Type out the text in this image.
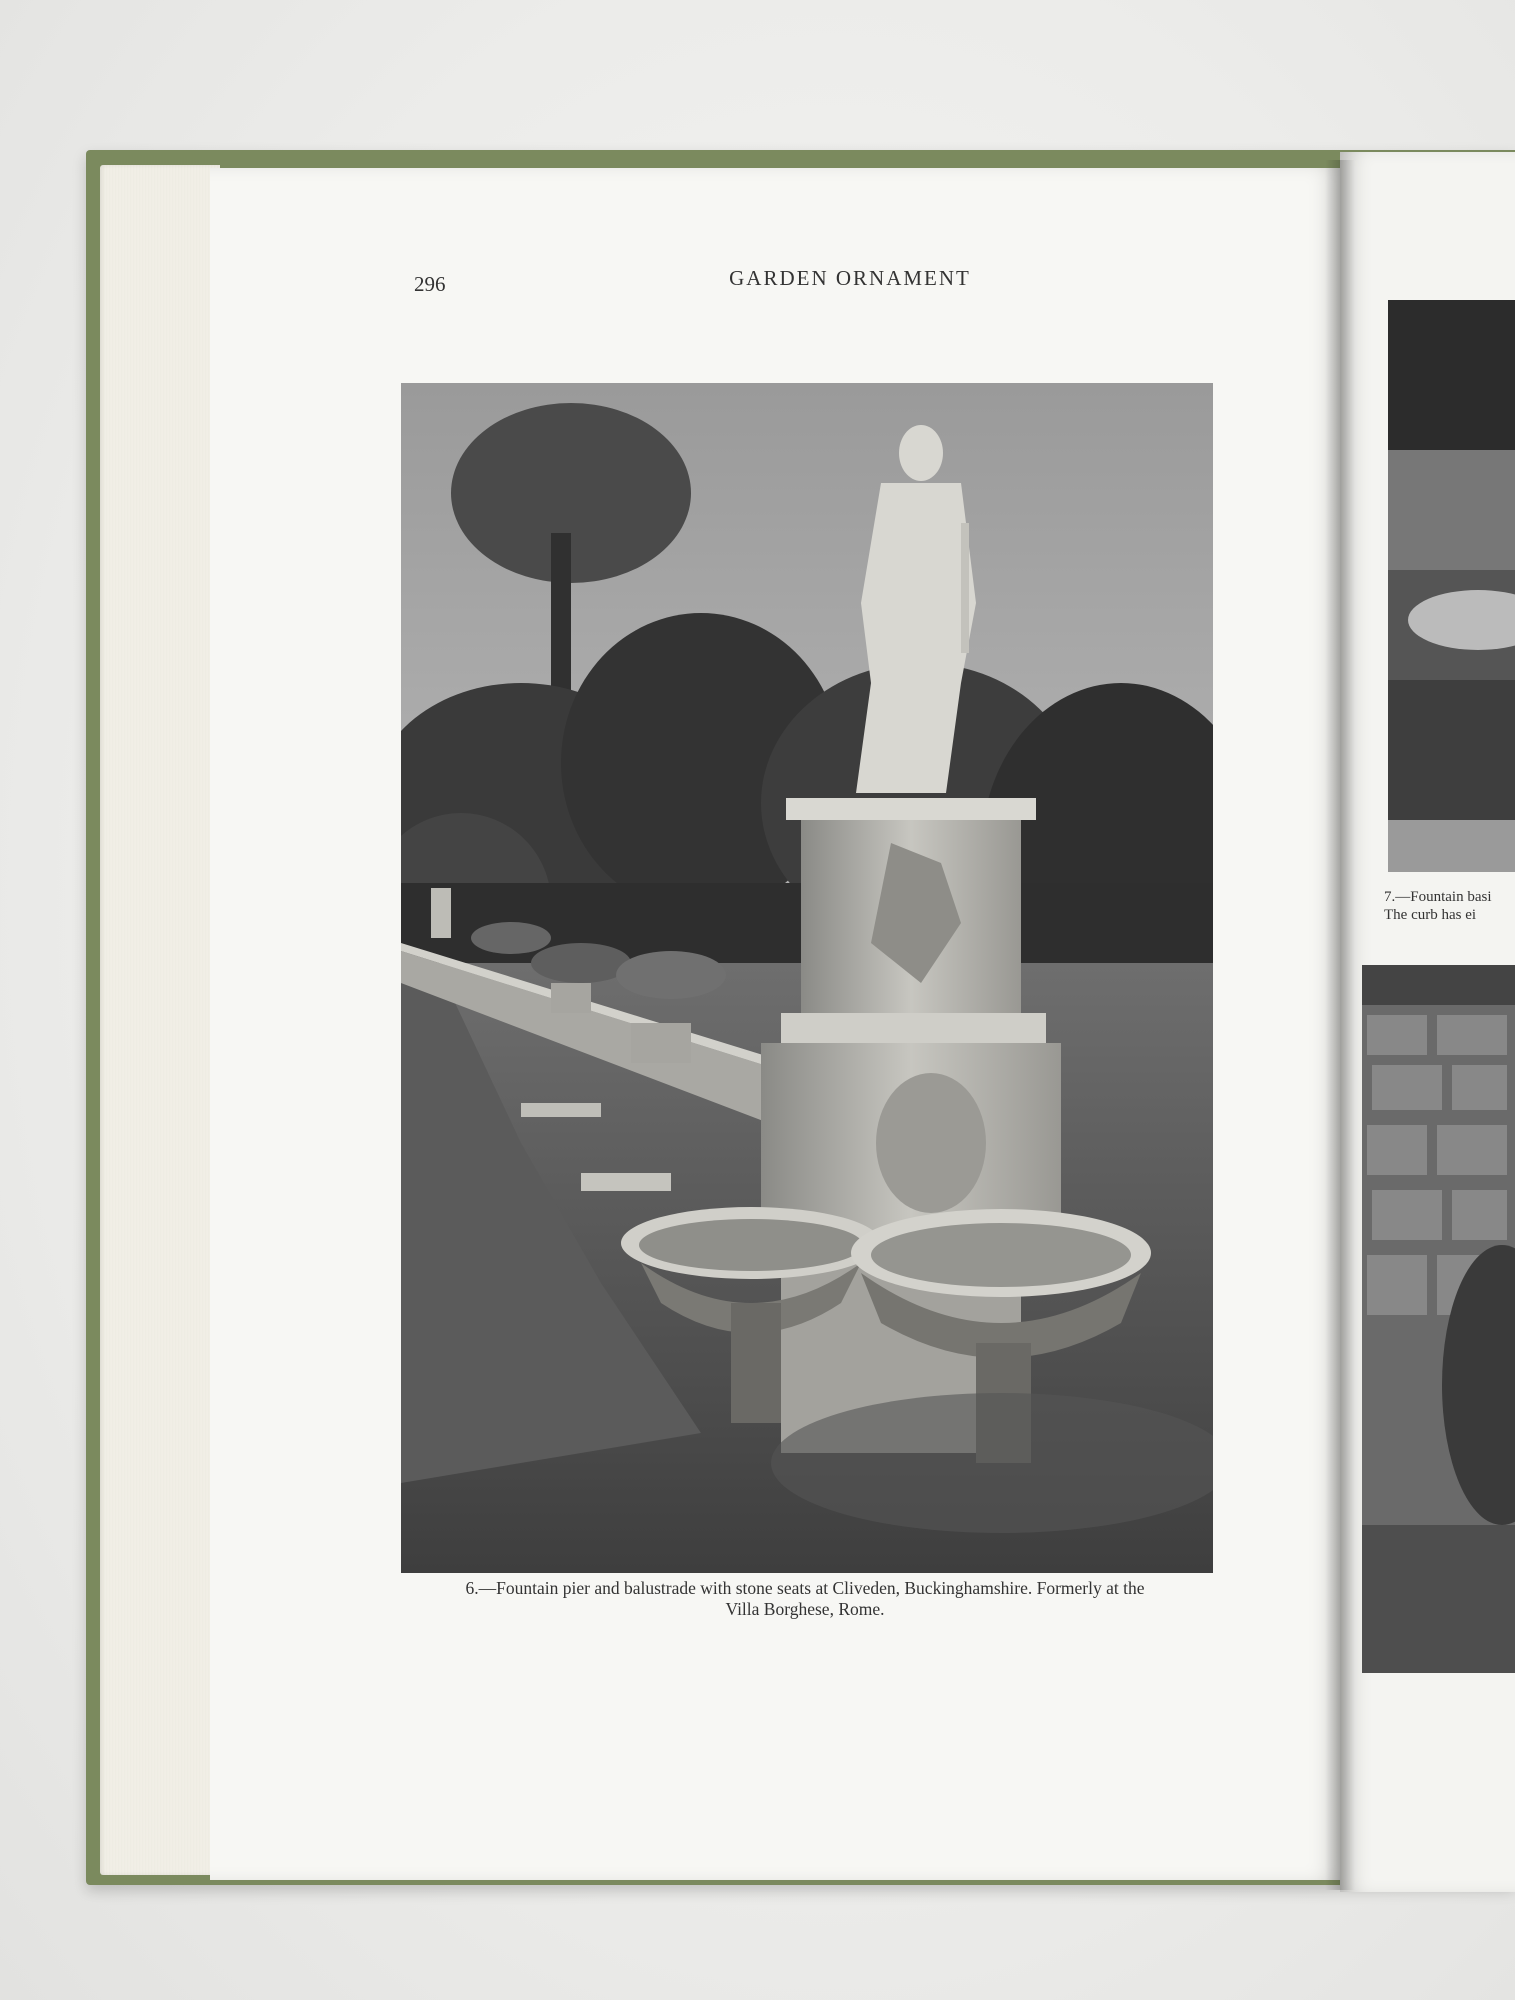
296	GARDEN ORNAMENT
6.—Fountain pier and balustrade with stone seats at Cliveden, Buckinghamshire. Formerly at the
Villa Borghese, Rome.
7.—Fountain basi
The curb has ei
